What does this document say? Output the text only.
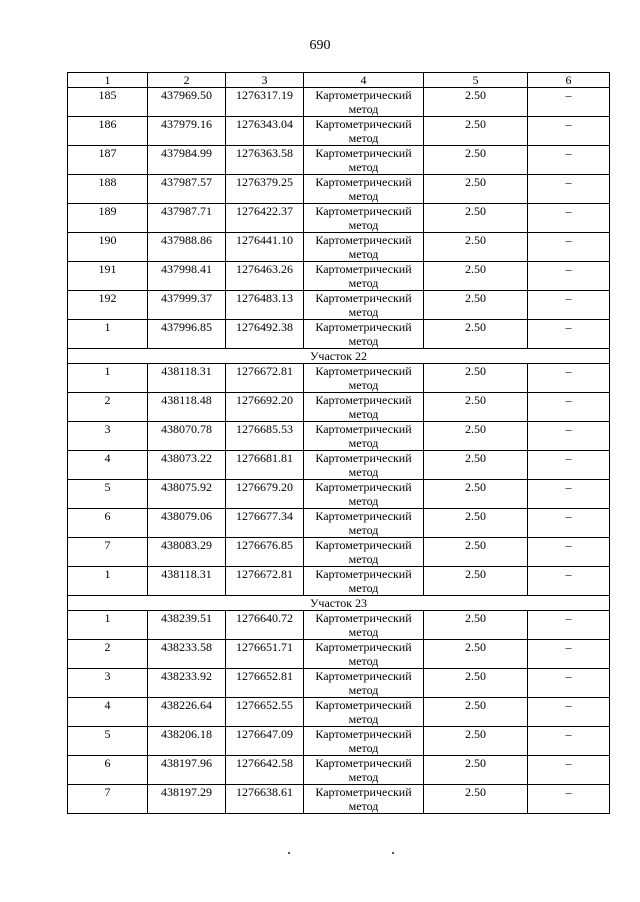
690
1	2	3	4	5	6
185	437969.50	1276317.19	Картометрический метод	2.50	–
186	437979.16	1276343.04	Картометрический метод	2.50	–
187	437984.99	1276363.58	Картометрический метод	2.50	–
188	437987.57	1276379.25	Картометрический метод	2.50	–
189	437987.71	1276422.37	Картометрический метод	2.50	–
190	437988.86	1276441.10	Картометрический метод	2.50	–
191	437998.41	1276463.26	Картометрический метод	2.50	–
192	437999.37	1276483.13	Картометрический метод	2.50	–
1	437996.85	1276492.38	Картометрический метод	2.50	–
Участок 22					
1	438118.31	1276672.81	Картометрический метод	2.50	–
2	438118.48	1276692.20	Картометрический метод	2.50	–
3	438070.78	1276685.53	Картометрический метод	2.50	–
4	438073.22	1276681.81	Картометрический метод	2.50	–
5	438075.92	1276679.20	Картометрический метод	2.50	–
6	438079.06	1276677.34	Картометрический метод	2.50	–
7	438083.29	1276676.85	Картометрический метод	2.50	–
1	438118.31	1276672.81	Картометрический метод	2.50	–
Участок 23					
1	438239.51	1276640.72	Картометрический метод	2.50	–
2	438233.58	1276651.71	Картометрический метод	2.50	–
3	438233.92	1276652.81	Картометрический метод	2.50	–
4	438226.64	1276652.55	Картометрический метод	2.50	–
5	438206.18	1276647.09	Картометрический метод	2.50	–
6	438197.96	1276642.58	Картометрический метод	2.50	–
7	438197.29	1276638.61	Картометрический метод	2.50	–
